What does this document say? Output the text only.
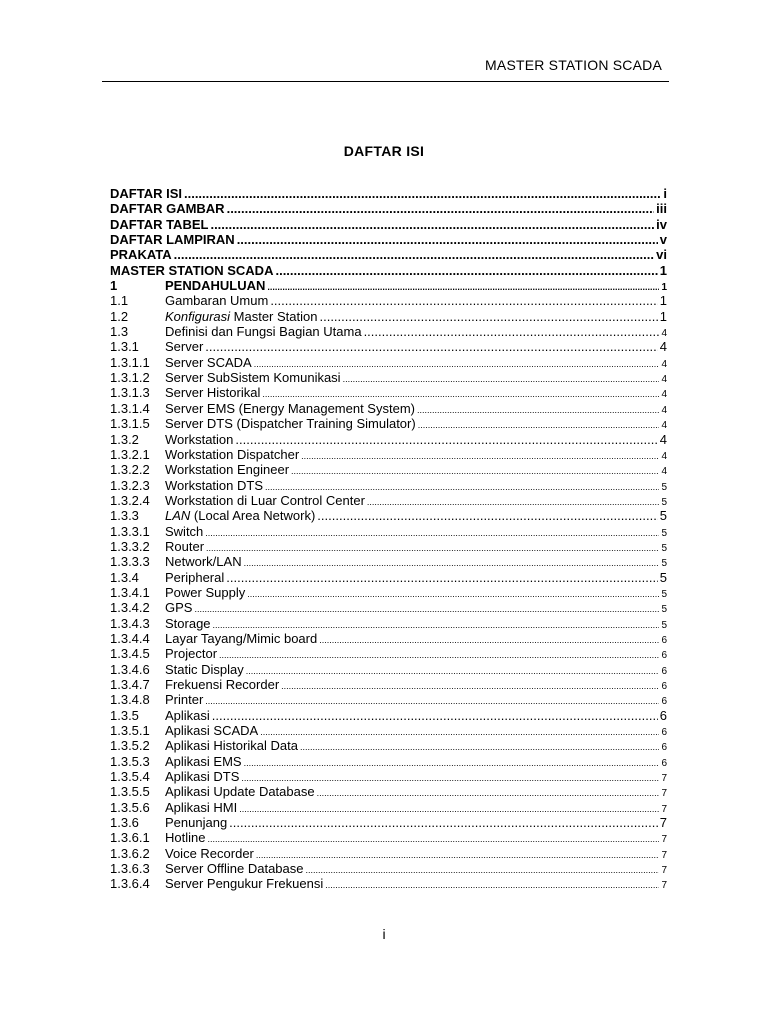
MASTER STATION SCADA
DAFTAR ISI
DAFTAR ISI .....	i
DAFTAR GAMBAR .....	iii
DAFTAR TABEL .....	iv
DAFTAR LAMPIRAN .....	v
PRAKATA .....	vi
MASTER STATION SCADA .....	1
1	PENDAHULUAN .....	1
1.1	Gambaran Umum .....	1
1.2	Konfigurasi Master Station .....	1
1.3	Definisi dan Fungsi Bagian Utama .....	4
1.3.1	Server .....	4
1.3.1.1	Server SCADA .....	4
1.3.1.2	Server SubSistem Komunikasi .....	4
1.3.1.3	Server Historikal .....	4
1.3.1.4	Server EMS (Energy Management System) .....	4
1.3.1.5	Server DTS (Dispatcher Training Simulator) .....	4
1.3.2	Workstation .....	4
1.3.2.1	Workstation Dispatcher .....	4
1.3.2.2	Workstation Engineer .....	4
1.3.2.3	Workstation DTS .....	5
1.3.2.4	Workstation di Luar Control Center .....	5
1.3.3	LAN (Local Area Network) .....	5
1.3.3.1	Switch .....	5
1.3.3.2	Router .....	5
1.3.3.3	Network/LAN .....	5
1.3.4	Peripheral .....	5
1.3.4.1	Power Supply .....	5
1.3.4.2	GPS .....	5
1.3.4.3	Storage .....	5
1.3.4.4	Layar Tayang/Mimic board .....	6
1.3.4.5	Projector .....	6
1.3.4.6	Static Display .....	6
1.3.4.7	Frekuensi Recorder .....	6
1.3.4.8	Printer .....	6
1.3.5	Aplikasi .....	6
1.3.5.1	Aplikasi SCADA .....	6
1.3.5.2	Aplikasi Historikal Data .....	6
1.3.5.3	Aplikasi EMS .....	6
1.3.5.4	Aplikasi DTS .....	7
1.3.5.5	Aplikasi Update Database .....	7
1.3.5.6	Aplikasi HMI .....	7
1.3.6	Penunjang .....	7
1.3.6.1	Hotline .....	7
1.3.6.2	Voice Recorder .....	7
1.3.6.3	Server Offline Database .....	7
1.3.6.4	Server Pengukur Frekuensi .....	7
i
